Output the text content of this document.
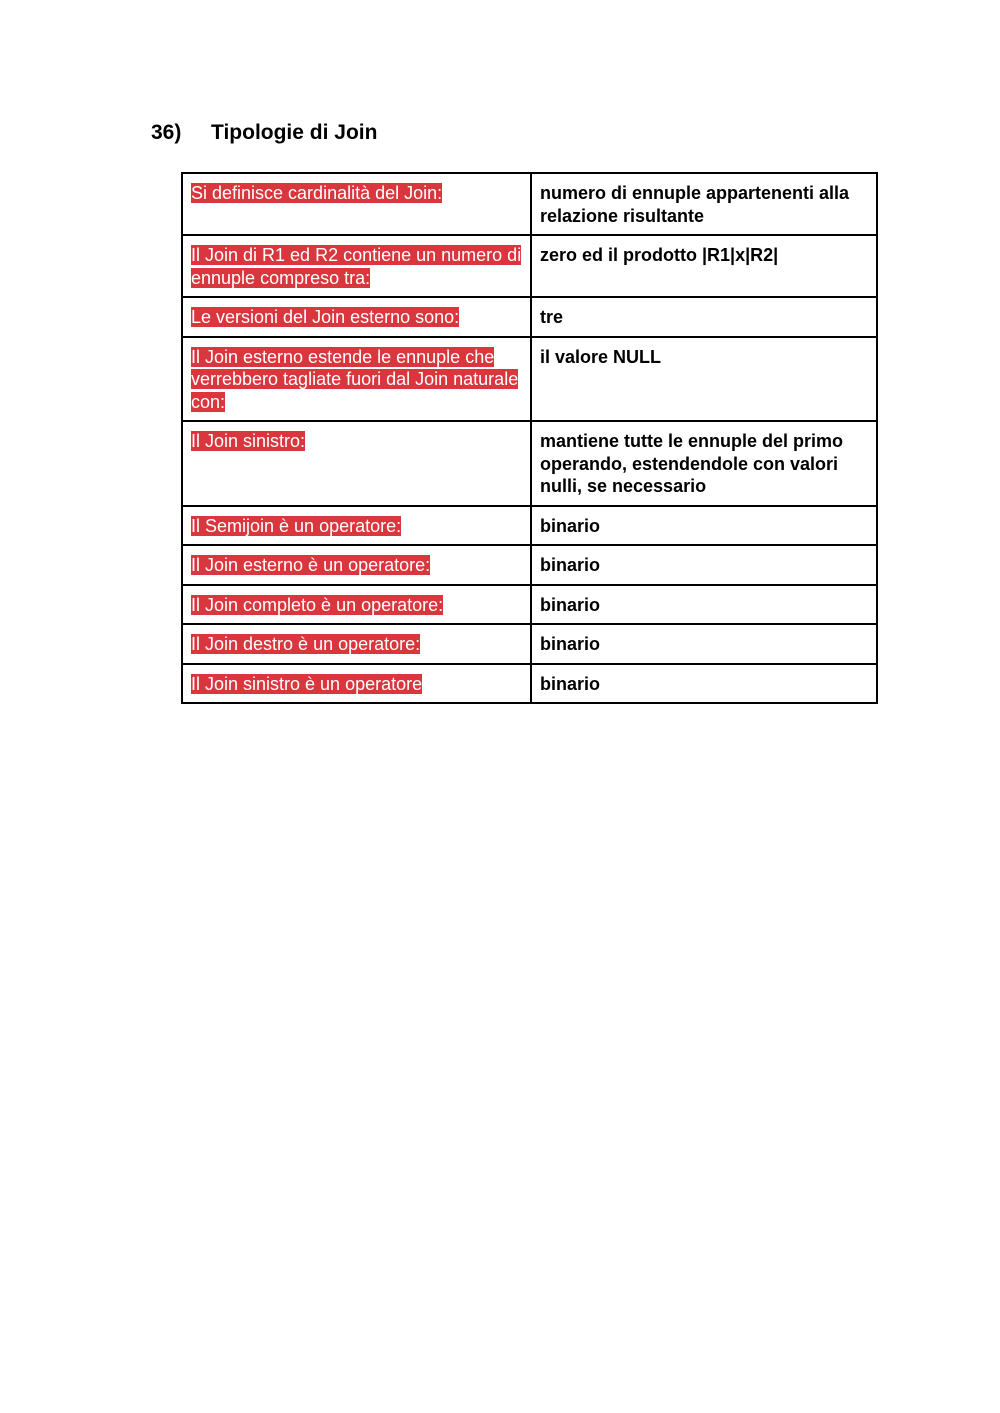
36) Tipologie di Join
Si definisce cardinalità del Join:	numero di ennuple appartenenti alla relazione risultante
Il Join di R1 ed R2 contiene un numero di ennuple compreso tra:	zero ed il prodotto |R1|x|R2|
Le versioni del Join esterno sono:	tre
Il Join esterno estende le ennuple che verrebbero tagliate fuori dal Join naturale con:	il valore NULL
Il Join sinistro:	mantiene tutte le ennuple del primo operando, estendendole con valori nulli, se necessario
Il Semijoin è un operatore:	binario
Il Join esterno è un operatore:	binario
Il Join completo è un operatore:	binario
Il Join destro è un operatore:	binario
Il Join sinistro è un operatore	binario
